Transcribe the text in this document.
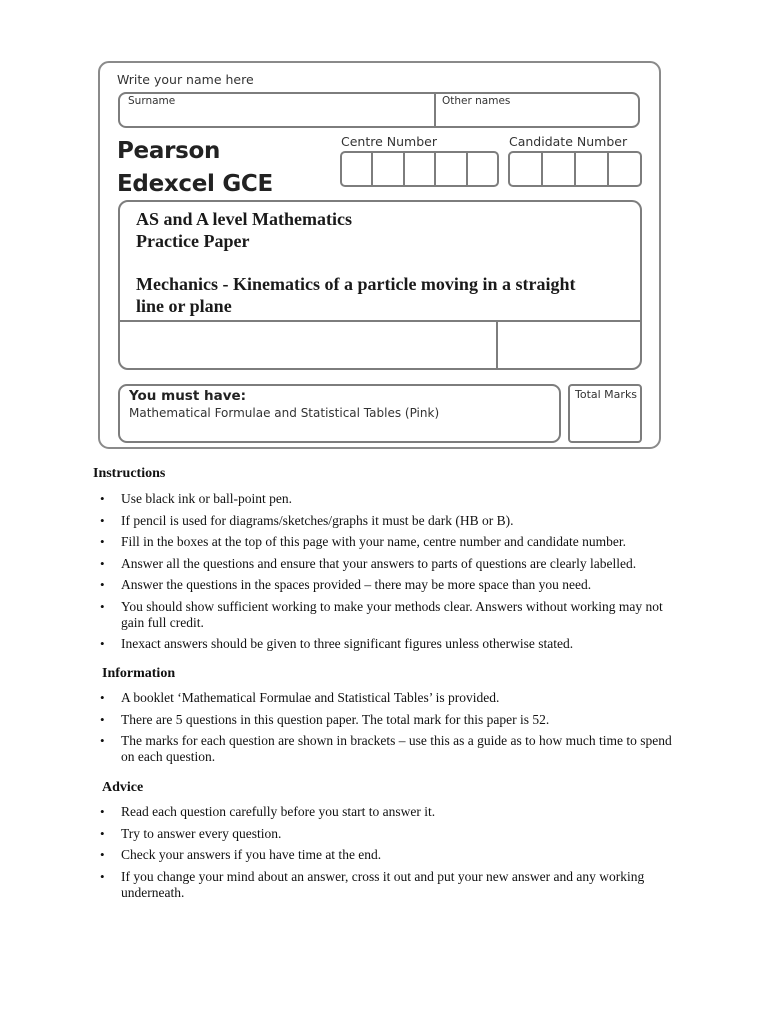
Write your name here
Surname	Other names
Pearson
Edexcel GCE
Centre Number	Candidate Number
AS and A level Mathematics
Practice Paper
Mechanics - Kinematics of a particle moving in a straight line or plane
You must have:
Mathematical Formulae and Statistical Tables (Pink)
Total Marks
Instructions
• Use black ink or ball-point pen.
• If pencil is used for diagrams/sketches/graphs it must be dark (HB or B).
• Fill in the boxes at the top of this page with your name, centre number and candidate number.
• Answer all the questions and ensure that your answers to parts of questions are clearly labelled.
• Answer the questions in the spaces provided – there may be more space than you need.
• You should show sufficient working to make your methods clear. Answers without working may not gain full credit.
• Inexact answers should be given to three significant figures unless otherwise stated.
Information
• A booklet ‘Mathematical Formulae and Statistical Tables’ is provided.
• There are 5 questions in this question paper. The total mark for this paper is 52.
• The marks for each question are shown in brackets – use this as a guide as to how much time to spend on each question.
Advice
• Read each question carefully before you start to answer it.
• Try to answer every question.
• Check your answers if you have time at the end.
• If you change your mind about an answer, cross it out and put your new answer and any working underneath.
